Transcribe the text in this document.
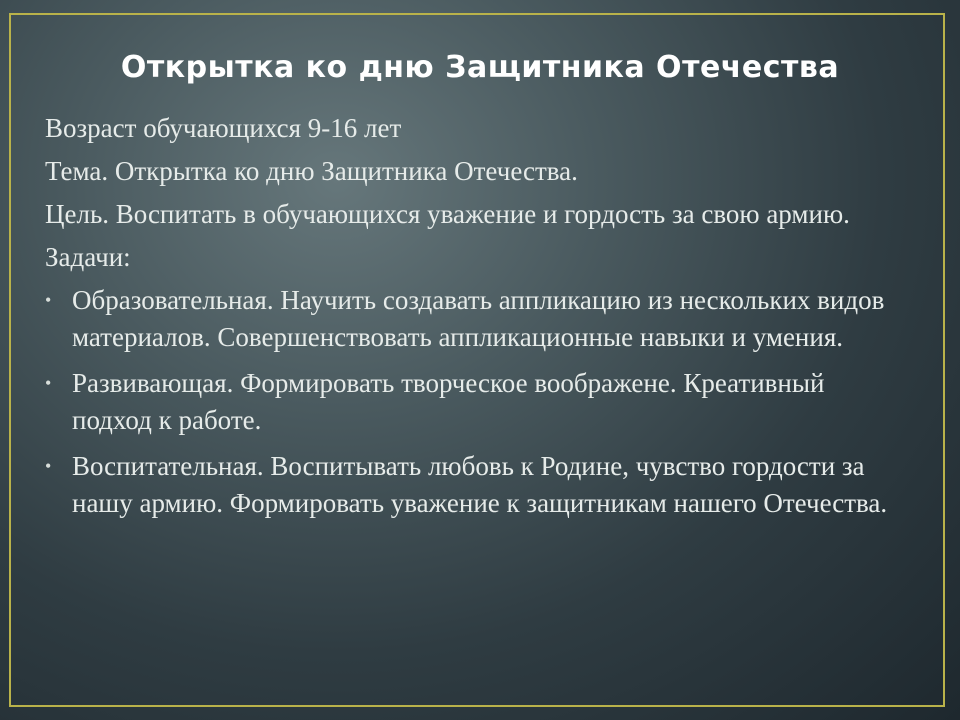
Открытка ко дню Защитника Отечества

Возраст обучающихся 9-16 лет

Тема. Открытка ко дню Защитника Отечества.

Цель. Воспитать в обучающихся уважение и гордость за свою армию.

Задачи:

• Образовательная. Научить создавать аппликацию из нескольких видов материалов. Совершенствовать аппликационные навыки и умения.
• Развивающая. Формировать творческое воображене. Креативный подход к работе.
• Воспитательная. Воспитывать любовь к Родине, чувство гордости за нашу армию. Формировать уважение к защитникам нашего Отечества.
